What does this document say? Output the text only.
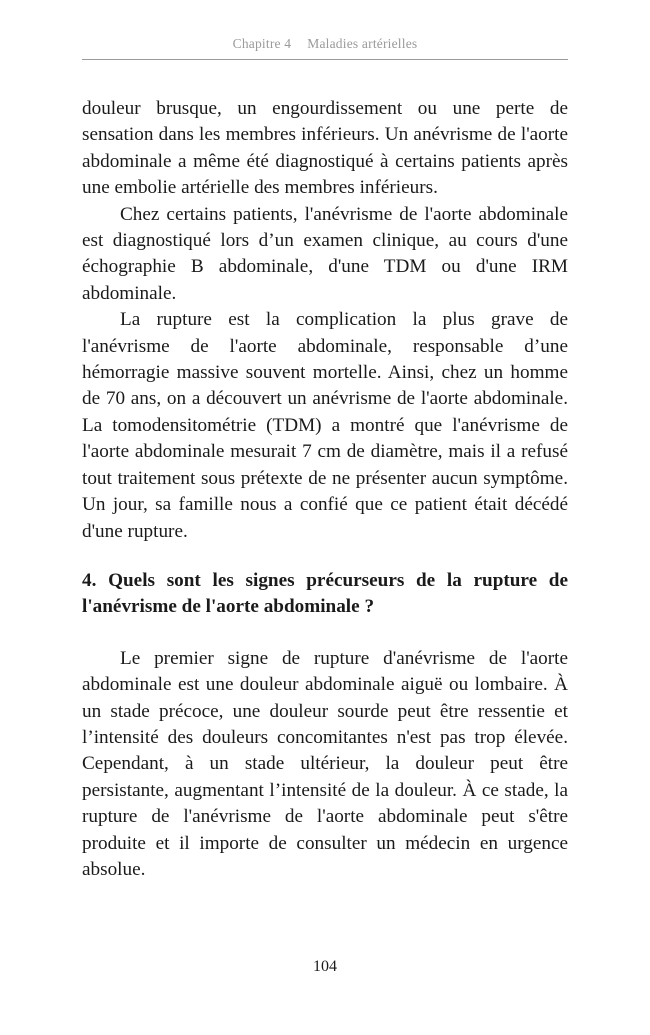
Chapitre 4 Maladies artérielles

douleur brusque, un engourdissement ou une perte de sensation dans les membres inférieurs. Un anévrisme de l'aorte abdominale a même été diagnostiqué à certains patients après une embolie artérielle des membres inférieurs.

Chez certains patients, l'anévrisme de l'aorte abdominale est diagnostiqué lors d’un examen clinique, au cours d'une échographie B abdominale, d'une TDM ou d'une IRM abdominale.

La rupture est la complication la plus grave de l'anévrisme de l'aorte abdominale, responsable d’une hémorragie massive souvent mortelle. Ainsi, chez un homme de 70 ans, on a découvert un anévrisme de l'aorte abdominale. La tomodensitométrie (TDM) a montré que l'anévrisme de l'aorte abdominale mesurait 7 cm de diamètre, mais il a refusé tout traitement sous prétexte de ne présenter aucun symptôme. Un jour, sa famille nous a confié que ce patient était décédé d'une rupture.

4. Quels sont les signes précurseurs de la rupture de l'anévrisme de l'aorte abdominale ?

Le premier signe de rupture d'anévrisme de l'aorte abdominale est une douleur abdominale aiguë ou lombaire. À un stade précoce, une douleur sourde peut être ressentie et l’intensité des douleurs concomitantes n'est pas trop élevée. Cependant, à un stade ultérieur, la douleur peut être persistante, augmentant l’intensité de la douleur. À ce stade, la rupture de l'anévrisme de l'aorte abdominale peut s'être produite et il importe de consulter un médecin en urgence absolue.

104
